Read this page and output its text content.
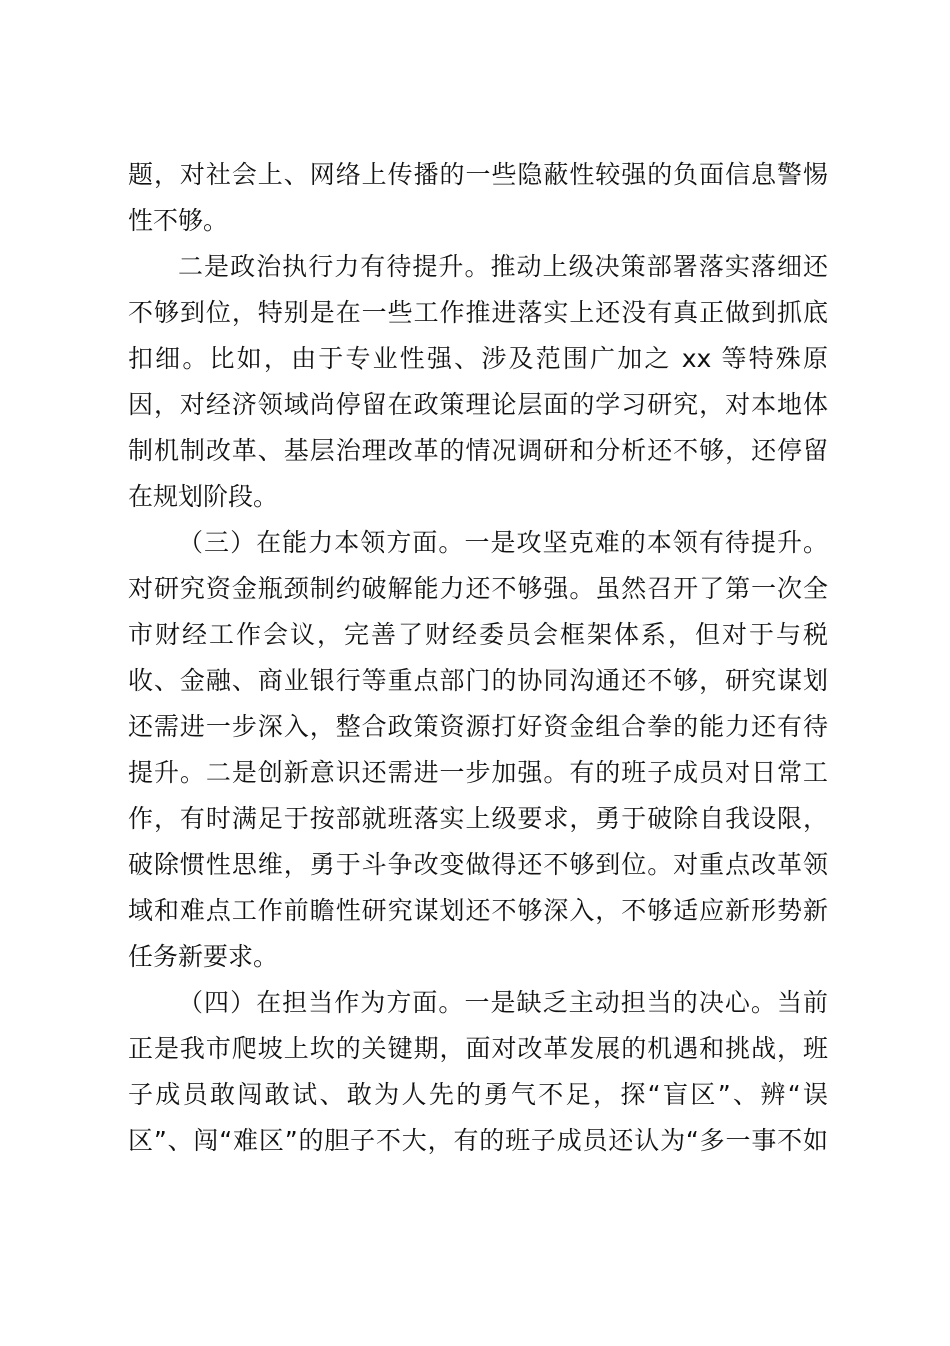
题，对社会上、网络上传播的一些隐蔽性较强的负面信息警惕
性不够。
二是政治执行力有待提升。推动上级决策部署落实落细还
不够到位，特别是在一些工作推进落实上还没有真正做到抓底
扣细。比如，由于专业性强、涉及范围广加之 xx 等特殊原
因，对经济领域尚停留在政策理论层面的学习研究，对本地体
制机制改革、基层治理改革的情况调研和分析还不够，还停留
在规划阶段。
（三）在能力本领方面。一是攻坚克难的本领有待提升。
对研究资金瓶颈制约破解能力还不够强。虽然召开了第一次全
市财经工作会议，完善了财经委员会框架体系，但对于与税
收、金融、商业银行等重点部门的协同沟通还不够，研究谋划
还需进一步深入，整合政策资源打好资金组合拳的能力还有待
提升。二是创新意识还需进一步加强。有的班子成员对日常工
作，有时满足于按部就班落实上级要求，勇于破除自我设限，
破除惯性思维，勇于斗争改变做得还不够到位。对重点改革领
域和难点工作前瞻性研究谋划还不够深入，不够适应新形势新
任务新要求。
（四）在担当作为方面。一是缺乏主动担当的决心。当前
正是我市爬坡上坎的关键期，面对改革发展的机遇和挑战，班
子成员敢闯敢试、敢为人先的勇气不足，探“盲区”、辨“误
区”、闯“难区”的胆子不大，有的班子成员还认为“多一事不如
